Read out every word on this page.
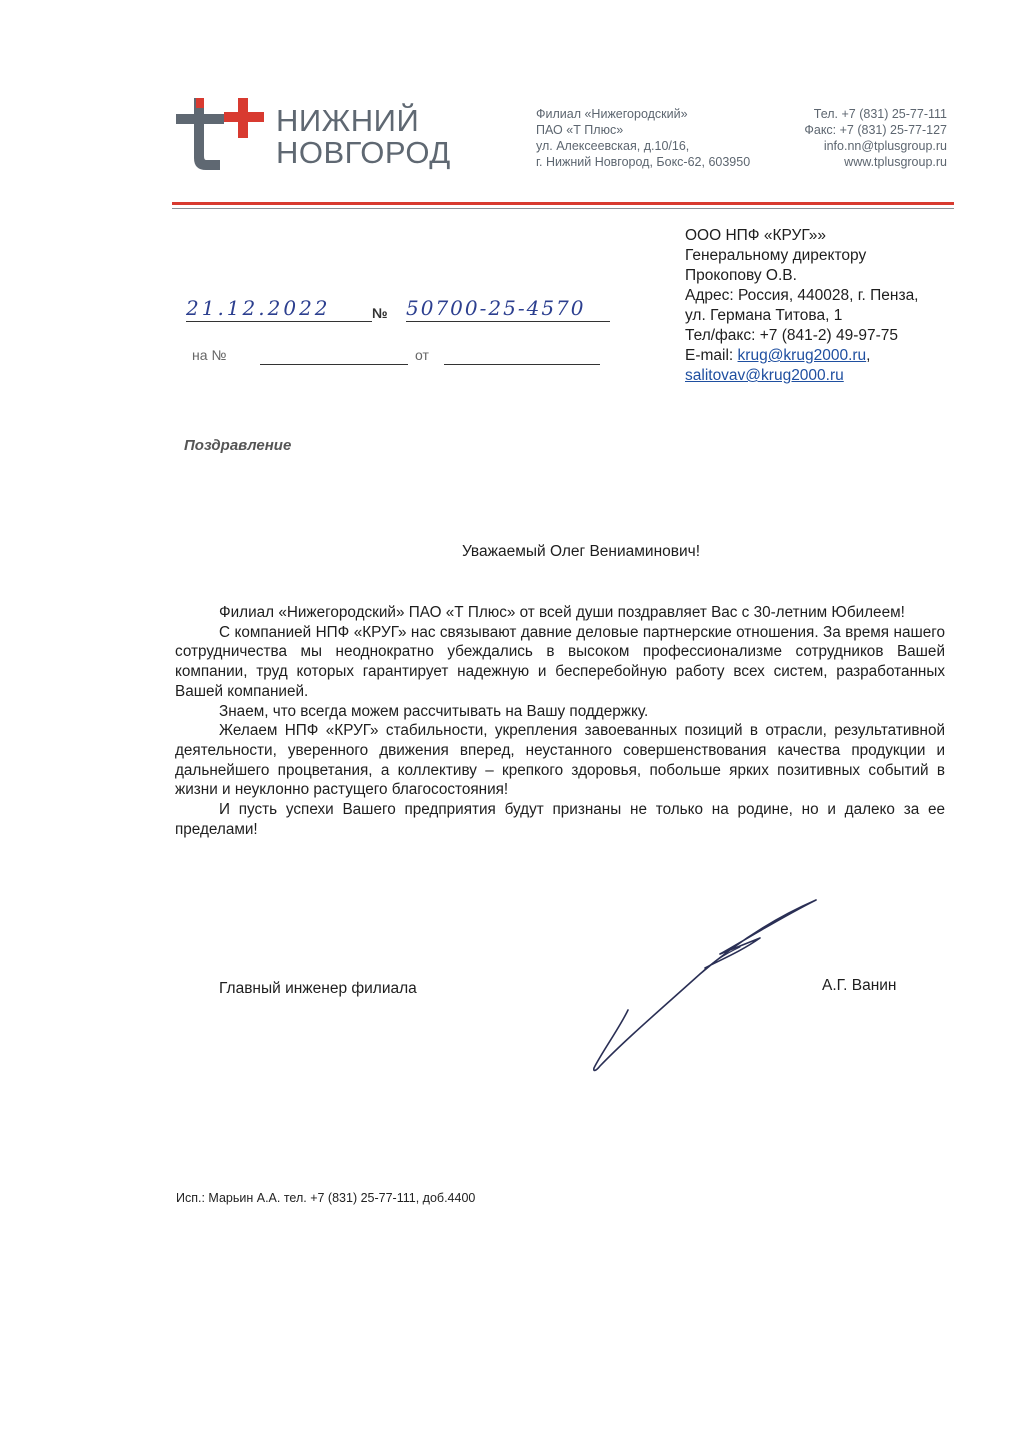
НИЖНИЙ
НОВГОРОД
Филиал «Нижегородский»
ПАО «Т Плюс»
ул. Алексеевская, д.10/16,
г. Нижний Новгород, Бокс-62, 603950
Тел. +7 (831) 25-77-111
Факс: +7 (831) 25-77-127
info.nn@tplusgroup.ru
www.tplusgroup.ru
ООО НПФ «КРУГ»»
Генеральному директору
Прокопову О.В.
Адрес: Россия, 440028, г. Пенза,
ул. Германа Титова, 1
Тел/факс: +7 (841-2) 49-97-75
E-mail: krug@krug2000.ru,
salitovav@krug2000.ru
21.12.2022	№ 50700-25-4570
на №	от
Поздравление
Уважаемый Олег Вениаминович!

Филиал «Нижегородский» ПАО «Т Плюс» от всей души поздравляет Вас с 30-летним Юбилеем!

С компанией НПФ «КРУГ» нас связывают давние деловые партнерские отношения. За время нашего сотрудничества мы неоднократно убеждались в высоком профессионализме сотрудников Вашей компании, труд которых гарантирует надежную и бесперебойную работу всех систем, разработанных Вашей компанией.

Знаем, что всегда можем рассчитывать на Вашу поддержку.

Желаем НПФ «КРУГ» стабильности, укрепления завоеванных позиций в отрасли, результативной деятельности, уверенного движения вперед, неустанного совершенствования качества продукции и дальнейшего процветания, а коллективу – крепкого здоровья, побольше ярких позитивных событий в жизни и неуклонно растущего благосостояния!

И пусть успехи Вашего предприятия будут признаны не только на родине, но и далеко за ее пределами!

Главный инженер филиала	А.Г. Ванин
Исп.: Марьин А.А. тел. +7 (831) 25-77-111, доб.4400
